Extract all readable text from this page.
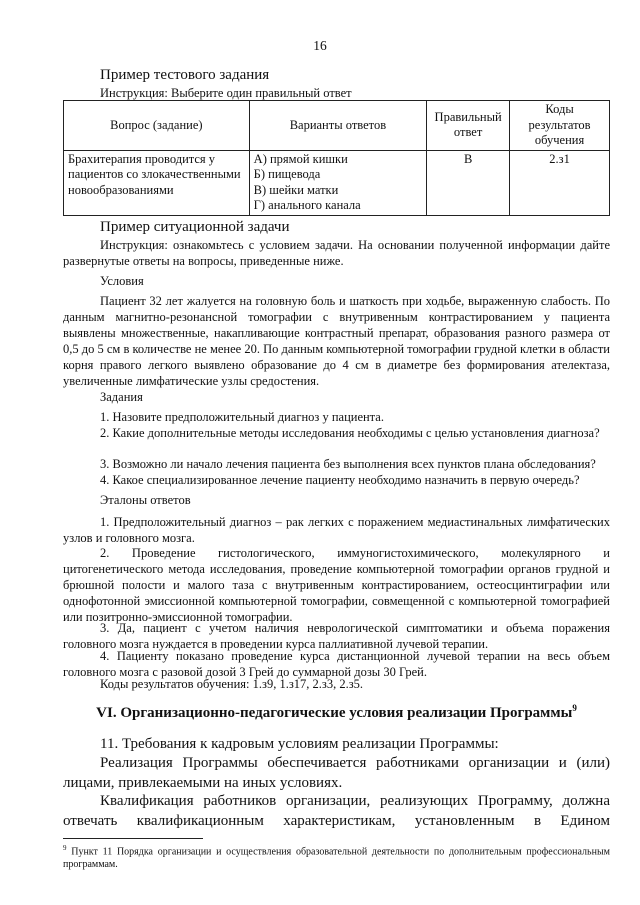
16
Пример тестового задания
Инструкция: Выберите один правильный ответ
Вопрос (задание)	Варианты ответов	Правильный ответ	Коды результатов обучения
Брахитерапия проводится у пациентов со злокачественными новообразованиями	А) прямой кишки
Б) пищевода
В) шейки матки
Г) анального канала	В	2.з1
Пример ситуационной задачи
Инструкция: ознакомьтесь с условием задачи. На основании полученной информации дайте развернутые ответы на вопросы, приведенные ниже.
Условия
Пациент 32 лет жалуется на головную боль и шаткость при ходьбе, выраженную слабость. По данным магнитно-резонансной томографии с внутривенным контрастированием у пациента выявлены множественные, накапливающие контрастный препарат, образования разного размера от 0,5 до 5 см в количестве не менее 20. По данным компьютерной томографии грудной клетки в области корня правого легкого выявлено образование до 4 см в диаметре без формирования ателектаза, увеличенные лимфатические узлы средостения.
Задания
1. Назовите предположительный диагноз у пациента.
2. Какие дополнительные методы исследования необходимы с целью установления диагноза?
3. Возможно ли начало лечения пациента без выполнения всех пунктов плана обследования?
4. Какое специализированное лечение пациенту необходимо назначить в первую очередь?
Эталоны ответов
1. Предположительный диагноз – рак легких с поражением медиастинальных лимфатических узлов и головного мозга.
2. Проведение гистологического, иммуногистохимического, молекулярного и цитогенетического метода исследования, проведение компьютерной томографии органов грудной и брюшной полости и малого таза с внутривенным контрастированием, остеосцинтиграфии или однофотонной эмиссионной компьютерной томографии, совмещенной с компьютерной томографией или позитронно-эмиссионной томографии.
3. Да, пациент с учетом наличия неврологической симптоматики и объема поражения головного мозга нуждается в проведении курса паллиативной лучевой терапии.
4. Пациенту показано проведение курса дистанционной лучевой терапии на весь объем головного мозга с разовой дозой 3 Грей до суммарной дозы 30 Грей.
Коды результатов обучения: 1.з9, 1.з17, 2.з3, 2.з5.
VI. Организационно-педагогические условия реализации Программы$^9$
11. Требования к кадровым условиям реализации Программы:
Реализация Программы обеспечивается работниками организации и (или) лицами, привлекаемыми на иных условиях.
Квалификация работников организации, реализующих Программу, должна отвечать квалификационным характеристикам, установленным в Едином
$^9$ Пункт 11 Порядка организации и осуществления образовательной деятельности по дополнительным профессиональным программам.
